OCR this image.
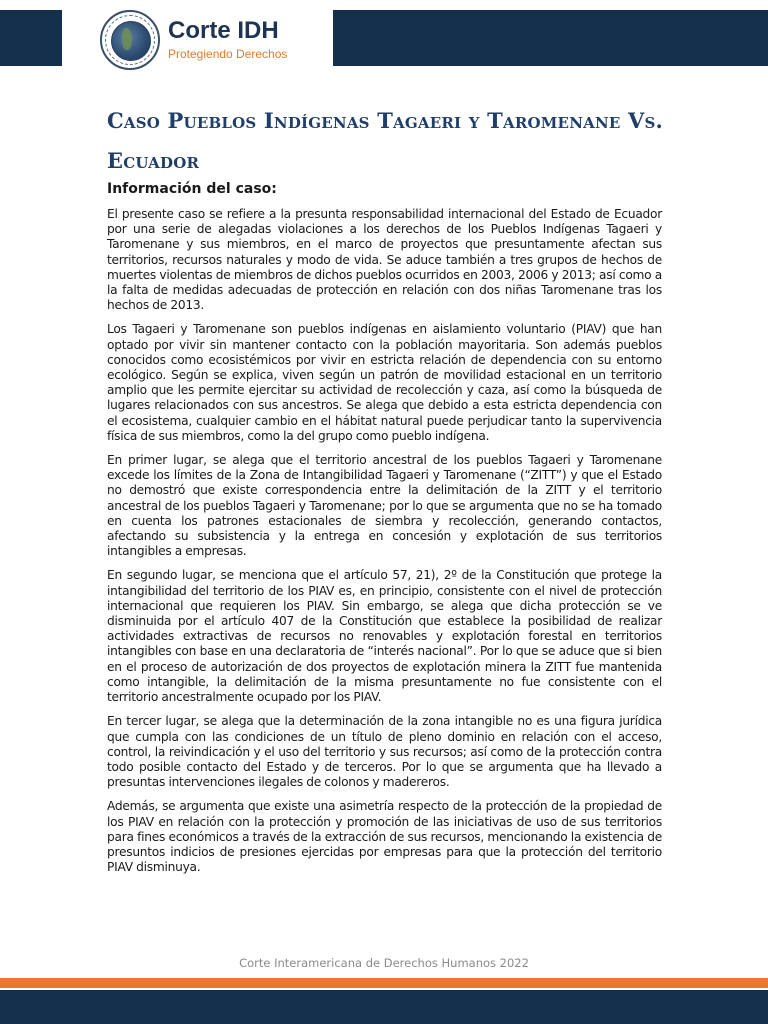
Corte IDH
Protegiendo Derechos
Caso Pueblos Indígenas Tagaeri y Taromenane Vs.
Ecuador
Información del caso:

El presente caso se refiere a la presunta responsabilidad internacional del Estado de Ecuador por una serie de alegadas violaciones a los derechos de los Pueblos Indígenas Tagaeri y Taromenane y sus miembros, en el marco de proyectos que presuntamente afectan sus territorios, recursos naturales y modo de vida. Se aduce también a tres grupos de hechos de muertes violentas de miembros de dichos pueblos ocurridos en 2003, 2006 y 2013; así como a la falta de medidas adecuadas de protección en relación con dos niñas Taromenane tras los hechos de 2013.

Los Tagaeri y Taromenane son pueblos indígenas en aislamiento voluntario (PIAV) que han optado por vivir sin mantener contacto con la población mayoritaria. Son además pueblos conocidos como ecosistémicos por vivir en estricta relación de dependencia con su entorno ecológico. Según se explica, viven según un patrón de movilidad estacional en un territorio amplio que les permite ejercitar su actividad de recolección y caza, así como la búsqueda de lugares relacionados con sus ancestros. Se alega que debido a esta estricta dependencia con el ecosistema, cualquier cambio en el hábitat natural puede perjudicar tanto la supervivencia física de sus miembros, como la del grupo como pueblo indígena.

En primer lugar, se alega que el territorio ancestral de los pueblos Tagaeri y Taromenane excede los límites de la Zona de Intangibilidad Tagaeri y Taromenane (“ZITT”) y que el Estado no demostró que existe correspondencia entre la delimitación de la ZITT y el territorio ancestral de los pueblos Tagaeri y Taromenane; por lo que se argumenta que no se ha tomado en cuenta los patrones estacionales de siembra y recolección, generando contactos, afectando su subsistencia y la entrega en concesión y explotación de sus territorios intangibles a empresas.

En segundo lugar, se menciona que el artículo 57, 21), 2º de la Constitución que protege la intangibilidad del territorio de los PIAV es, en principio, consistente con el nivel de protección internacional que requieren los PIAV. Sin embargo, se alega que dicha protección se ve disminuida por el artículo 407 de la Constitución que establece la posibilidad de realizar actividades extractivas de recursos no renovables y explotación forestal en territorios intangibles con base en una declaratoria de “interés nacional”. Por lo que se aduce que si bien en el proceso de autorización de dos proyectos de explotación minera la ZITT fue mantenida como intangible, la delimitación de la misma presuntamente no fue consistente con el territorio ancestralmente ocupado por los PIAV.

En tercer lugar, se alega que la determinación de la zona intangible no es una figura jurídica que cumpla con las condiciones de un título de pleno dominio en relación con el acceso, control, la reivindicación y el uso del territorio y sus recursos; así como de la protección contra todo posible contacto del Estado y de terceros. Por lo que se argumenta que ha llevado a presuntas intervenciones ilegales de colonos y madereros.

Además, se argumenta que existe una asimetría respecto de la protección de la propiedad de los PIAV en relación con la protección y promoción de las iniciativas de uso de sus territorios para fines económicos a través de la extracción de sus recursos, mencionando la existencia de presuntos indicios de presiones ejercidas por empresas para que la protección del territorio PIAV disminuya.

Corte Interamericana de Derechos Humanos 2022
